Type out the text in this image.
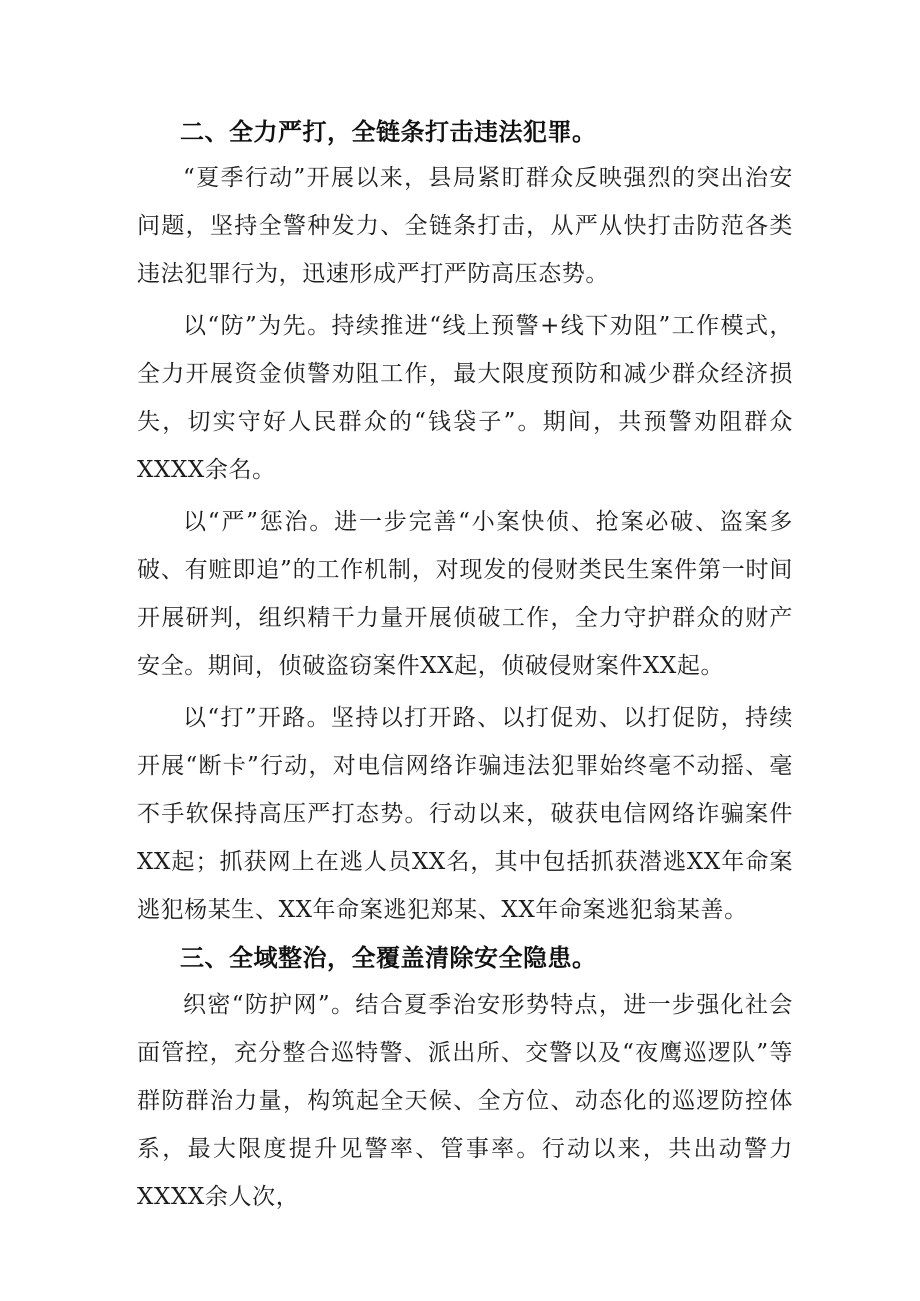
二、全力严打，全链条打击违法犯罪。

“夏季行动”开展以来，县局紧盯群众反映强烈的突出治安问题，坚持全警种发力、全链条打击，从严从快打击防范各类违法犯罪行为，迅速形成严打严防高压态势。

以“防”为先。持续推进“线上预警+线下劝阻”工作模式，全力开展资金侦警劝阻工作，最大限度预防和减少群众经济损失，切实守好人民群众的“钱袋子”。期间，共预警劝阻群众XXXX余名。

以“严”惩治。进一步完善“小案快侦、抢案必破、盗案多破、有赃即追”的工作机制，对现发的侵财类民生案件第一时间开展研判，组织精干力量开展侦破工作，全力守护群众的财产安全。期间，侦破盗窃案件XX起，侦破侵财案件XX起。

以“打”开路。坚持以打开路、以打促劝、以打促防，持续开展“断卡”行动，对电信网络诈骗违法犯罪始终毫不动摇、毫不手软保持高压严打态势。行动以来，破获电信网络诈骗案件XX起；抓获网上在逃人员XX名，其中包括抓获潜逃XX年命案逃犯杨某生、XX年命案逃犯郑某、XX年命案逃犯翁某善。

三、全域整治，全覆盖清除安全隐患。

织密“防护网”。结合夏季治安形势特点，进一步强化社会面管控，充分整合巡特警、派出所、交警以及“夜鹰巡逻队”等群防群治力量，构筑起全天候、全方位、动态化的巡逻防控体系，最大限度提升见警率、管事率。行动以来，共出动警力XXXX余人次，
